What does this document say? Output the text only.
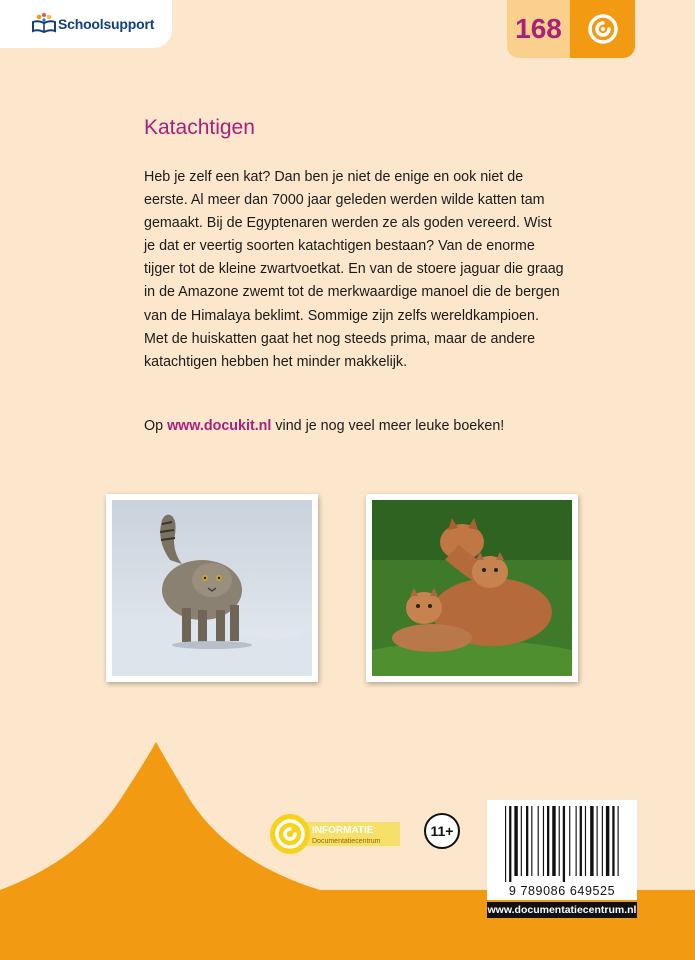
Schoolsupport	168
Katachtigen

Heb je zelf een kat? Dan ben je niet de enige en ook niet de eerste. Al meer dan 7000 jaar geleden werden wilde katten tam gemaakt. Bij de Egyptenaren werden ze als goden vereerd. Wist je dat er veertig soorten katachtigen bestaan? Van de enorme tijger tot de kleine zwartvoetkat. En van de stoere jaguar die graag in de Amazone zwemt tot de merkwaardige manoel die de bergen van de Himalaya beklimt. Sommige zijn zelfs wereldkampioen. Met de huiskatten gaat het nog steeds prima, maar de andere katachtigen hebben het minder makkelijk.

Op www.docukit.nl vind je nog veel meer leuke boeken!

INFORMATIE
Documentatiecentrum
11+
9 789086 649525
www.documentatiecentrum.nl
